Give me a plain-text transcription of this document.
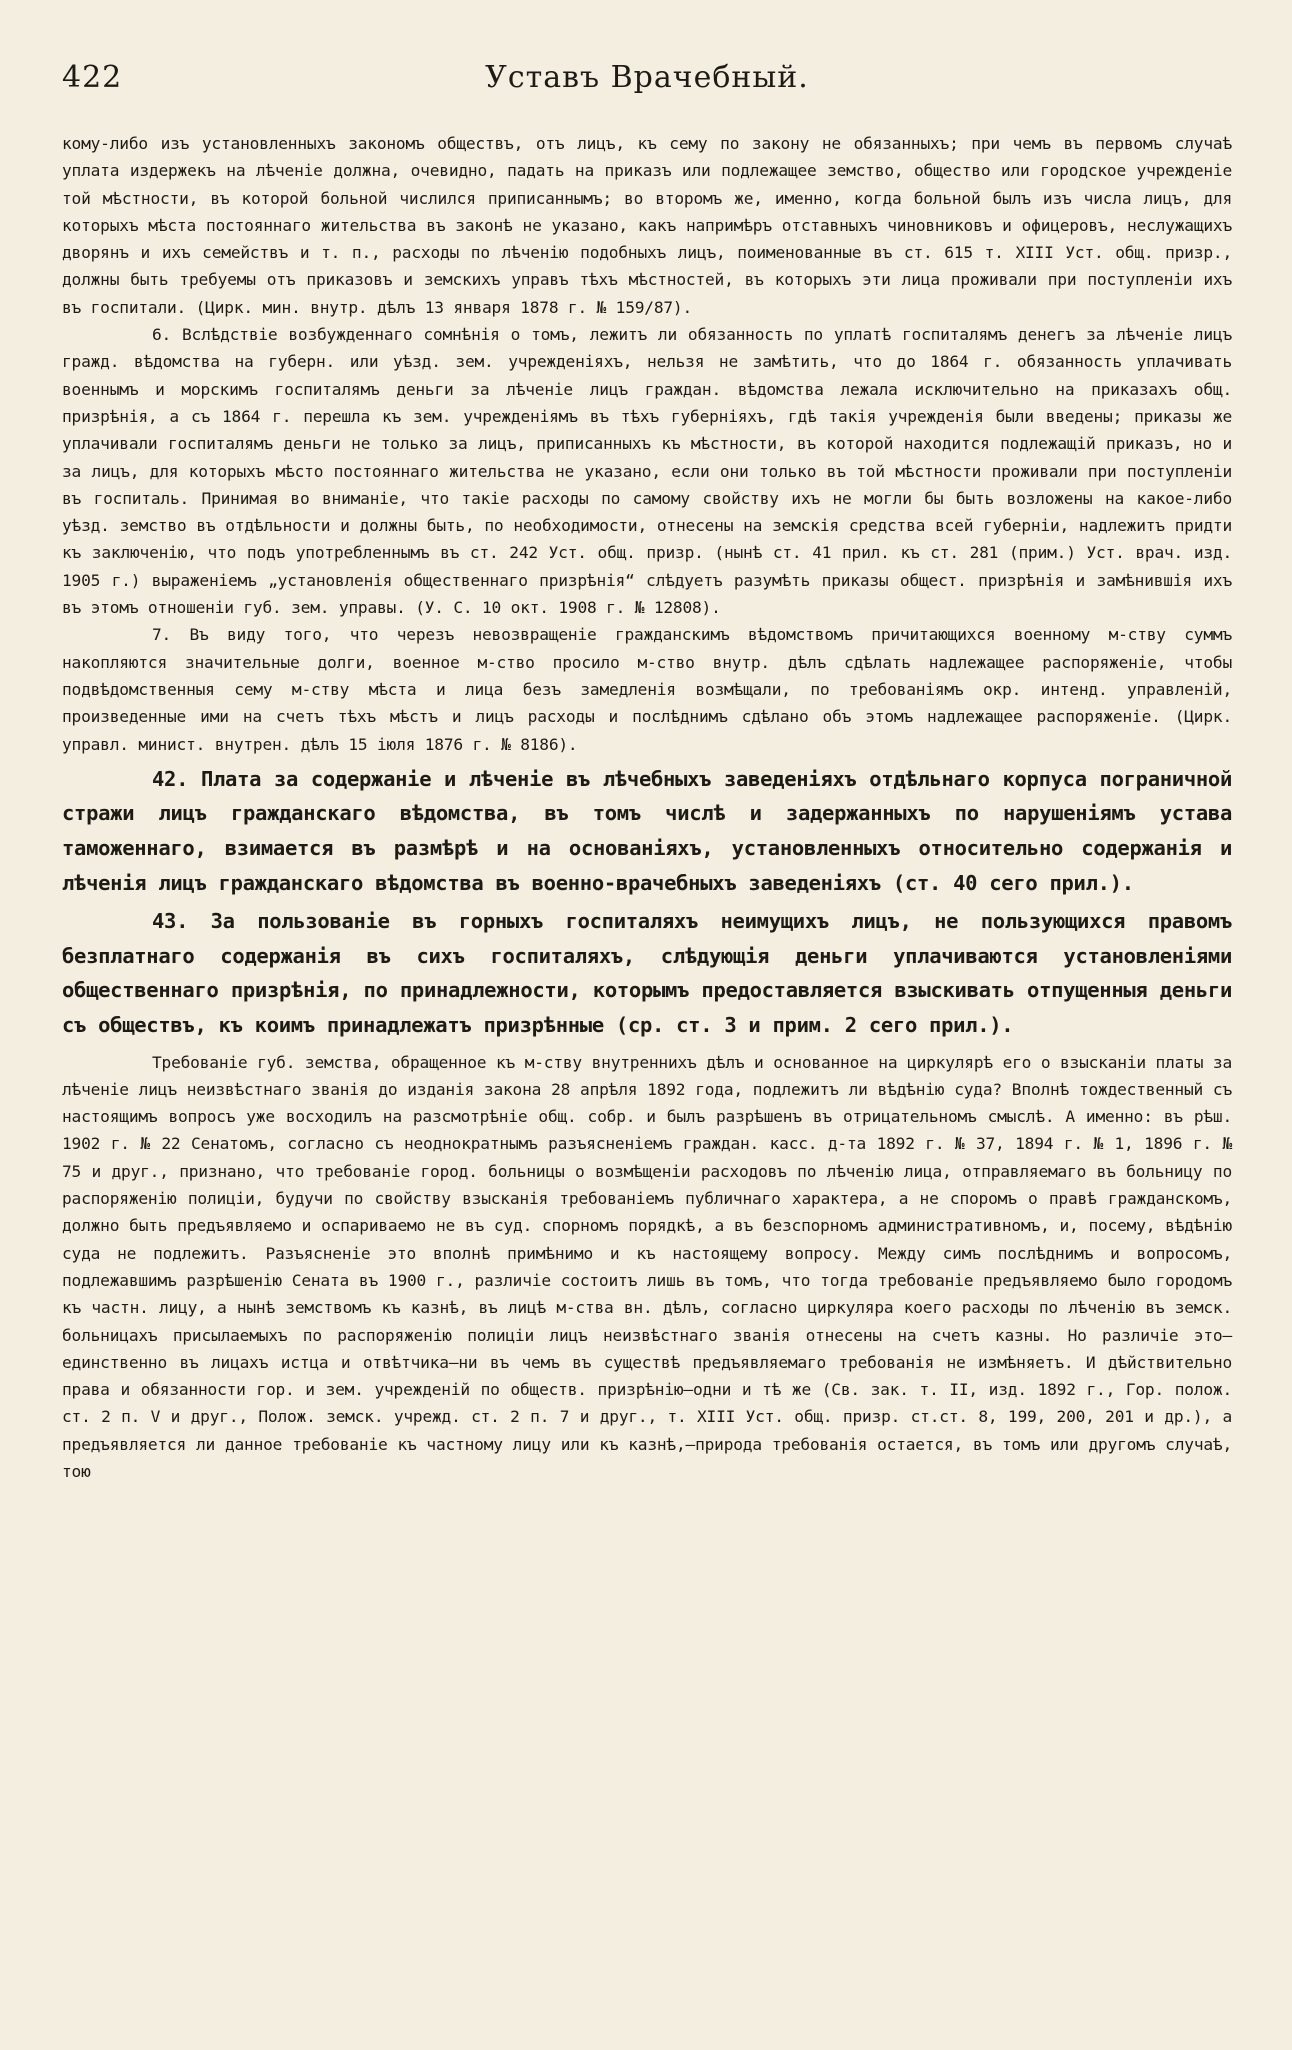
422	Уставъ Врачебный.

кому-либо изъ установленныхъ закономъ обществъ, отъ лицъ, къ сему по закону не обязанныхъ; при чемъ въ первомъ случаѣ уплата издержекъ на лѣченіе должна, очевидно, падать на приказъ или подлежащее земство, общество или городское учрежденіе той мѣстности, въ которой больной числился приписаннымъ; во второмъ же, именно, когда больной былъ изъ числа лицъ, для которыхъ мѣста постояннаго жительства въ законѣ не указано, какъ напримѣръ отставныхъ чиновниковъ и офицеровъ, неслужащихъ дворянъ и ихъ семействъ и т. п., расходы по лѣченію подобныхъ лицъ, поименованные въ ст. 615 т. XIII Уст. общ. призр., должны быть требуемы отъ приказовъ и земскихъ управъ тѣхъ мѣстностей, въ которыхъ эти лица проживали при поступленіи ихъ въ госпитали. (Цирк. мин. внутр. дѣлъ 13 января 1878 г. № 159/87).

6. Вслѣдствіе возбужденнаго сомнѣнія о томъ, лежитъ ли обязанность по уплатѣ госпиталямъ денегъ за лѣченіе лицъ гражд. вѣдомства на губерн. или уѣзд. зем. учрежденіяхъ, нельзя не замѣтить, что до 1864 г. обязанность уплачивать военнымъ и морскимъ госпиталямъ деньги за лѣченіе лицъ граждан. вѣдомства лежала исключительно на приказахъ общ. призрѣнія, а съ 1864 г. перешла къ зем. учрежденіямъ въ тѣхъ губерніяхъ, гдѣ такія учрежденія были введены; приказы же уплачивали госпиталямъ деньги не только за лицъ, приписанныхъ къ мѣстности, въ которой находится подлежащій приказъ, но и за лицъ, для которыхъ мѣсто постояннаго жительства не указано, если они только въ той мѣстности проживали при поступленіи въ госпиталь. Принимая во вниманіе, что такіе расходы по самому свойству ихъ не могли бы быть возложены на какое-либо уѣзд. земство въ отдѣльности и должны быть, по необходимости, отнесены на земскія средства всей губерніи, надлежитъ придти къ заключенію, что подъ употребленнымъ въ ст. 242 Уст. общ. призр. (нынѣ ст. 41 прил. къ ст. 281 (прим.) Уст. врач. изд. 1905 г.) выраженіемъ „установленія общественнаго призрѣнія“ слѣдуетъ разумѣть приказы общест. призрѣнія и замѣнившія ихъ въ этомъ отношеніи губ. зем. управы. (У. С. 10 окт. 1908 г. № 12808).

7. Въ виду того, что черезъ невозвращеніе гражданскимъ вѣдомствомъ причитающихся военному м-ству суммъ накопляются значительные долги, военное м-ство просило м-ство внутр. дѣлъ сдѣлать надлежащее распоряженіе, чтобы подвѣдомственныя сему м-ству мѣста и лица безъ замедленія возмѣщали, по требованіямъ окр. интенд. управленій, произведенные ими на счетъ тѣхъ мѣстъ и лицъ расходы и послѣднимъ сдѣлано объ этомъ надлежащее распоряженіе. (Цирк. управл. минист. внутрен. дѣлъ 15 іюля 1876 г. № 8186).

42. Плата за содержаніе и лѣченіе въ лѣчебныхъ заведеніяхъ отдѣльнаго корпуса пограничной стражи лицъ гражданскаго вѣдомства, въ томъ числѣ и задержанныхъ по нарушеніямъ устава таможеннаго, взимается въ размѣрѣ и на основаніяхъ, установленныхъ относительно содержанія и лѣченія лицъ гражданскаго вѣдомства въ военно-врачебныхъ заведеніяхъ (ст. 40 сего прил.).

43. За пользованіе въ горныхъ госпиталяхъ неимущихъ лицъ, не пользующихся правомъ безплатнаго содержанія въ сихъ госпиталяхъ, слѣдующія деньги уплачиваются установленіями общественнаго призрѣнія, по принадлежности, которымъ предоставляется взыскивать отпущенныя деньги съ обществъ, къ коимъ принадлежатъ призрѣнные (ср. ст. 3 и прим. 2 сего прил.).

Требованіе губ. земства, обращенное къ м-ству внутреннихъ дѣлъ и основанное на циркулярѣ его о взысканіи платы за лѣченіе лицъ неизвѣстнаго званія до изданія закона 28 апрѣля 1892 года, подлежитъ ли вѣдѣнію суда? Вполнѣ тождественный съ настоящимъ вопросъ уже восходилъ на разсмотрѣніе общ. собр. и былъ разрѣшенъ въ отрицательномъ смыслѣ. А именно: въ рѣш. 1902 г. № 22 Сенатомъ, согласно съ неоднократнымъ разъясненіемъ граждан. касс. д-та 1892 г. № 37, 1894 г. № 1, 1896 г. № 75 и друг., признано, что требованіе город. больницы о возмѣщеніи расходовъ по лѣченію лица, отправляемаго въ больницу по распоряженію полиціи, будучи по свойству взысканія требованіемъ публичнаго характера, а не споромъ о правѣ гражданскомъ, должно быть предъявляемо и оспариваемо не въ суд. спорномъ порядкѣ, а въ безспорномъ административномъ, и, посему, вѣдѣнію суда не подлежитъ. Разъясненіе это вполнѣ примѣнимо и къ настоящему вопросу. Между симъ послѣднимъ и вопросомъ, подлежавшимъ разрѣшенію Сената въ 1900 г., различіе состоитъ лишь въ томъ, что тогда требованіе предъявляемо было городомъ къ частн. лицу, а нынѣ земствомъ къ казнѣ, въ лицѣ м-ства вн. дѣлъ, согласно циркуляра коего расходы по лѣченію въ земск. больницахъ присылаемыхъ по распоряженію полиціи лицъ неизвѣстнаго званія отнесены на счетъ казны. Но различіе это—единственно въ лицахъ истца и отвѣтчика—ни въ чемъ въ существѣ предъявляемаго требованія не измѣняетъ. И дѣйствительно права и обязанности гор. и зем. учрежденій по обществ. призрѣнію—одни и тѣ же (Св. зак. т. II, изд. 1892 г., Гор. полож. ст. 2 п. V и друг., Полож. земск. учрежд. ст. 2 п. 7 и друг., т. XIII Уст. общ. призр. ст.ст. 8, 199, 200, 201 и др.), а предъявляется ли данное требованіе къ частному лицу или къ казнѣ,—природа требованія остается, въ томъ или другомъ случаѣ, тою
